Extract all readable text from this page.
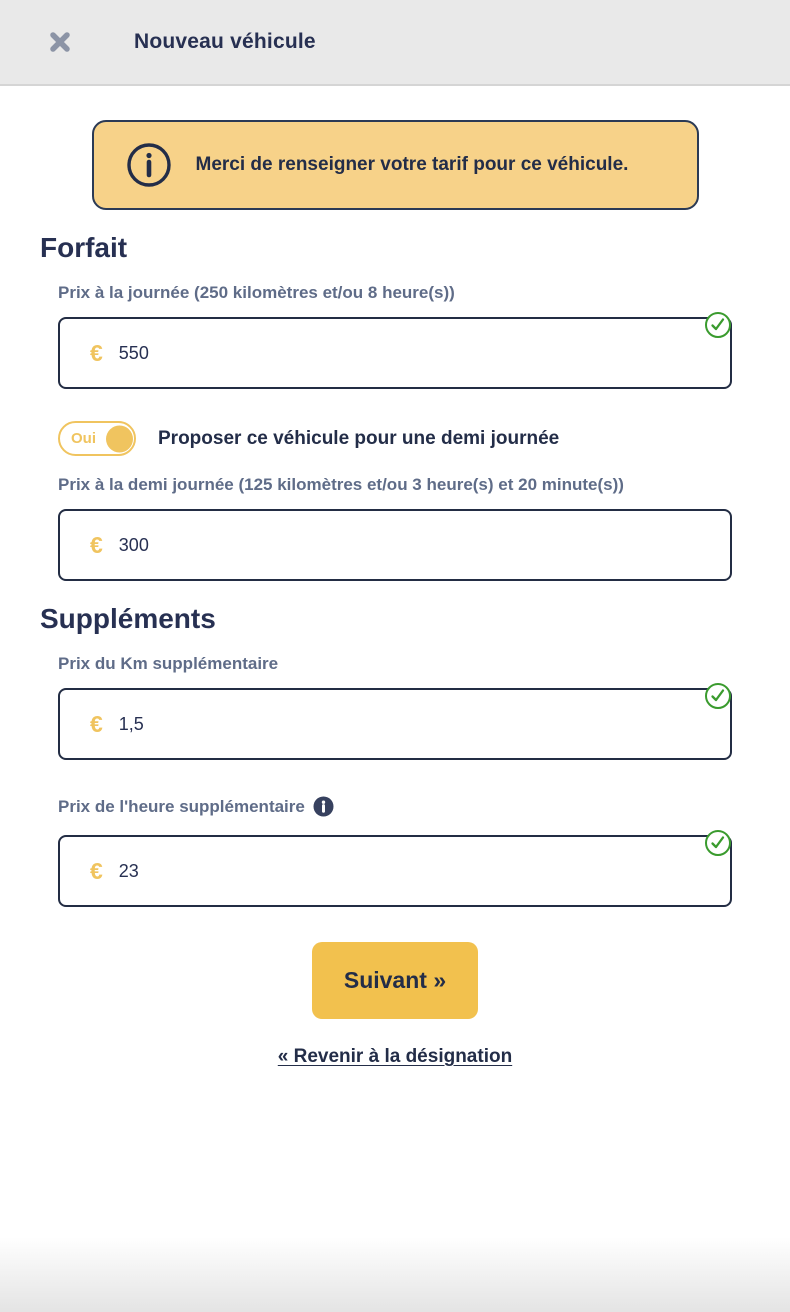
Nouveau véhicule

Merci de renseigner votre tarif pour ce véhicule.

Forfait
Prix à la journée (250 kilomètres et/ou 8 heure(s))
€
550
Oui	Proposer ce véhicule pour une demi journée

Prix à la demi journée (125 kilomètres et/ou 3 heure(s) et 20 minute(s))
€
300
Suppléments
Prix du Km supplémentaire
€
1,5
Prix de l'heure supplémentaire
€
23
Suivant »
« Revenir à la désignation
